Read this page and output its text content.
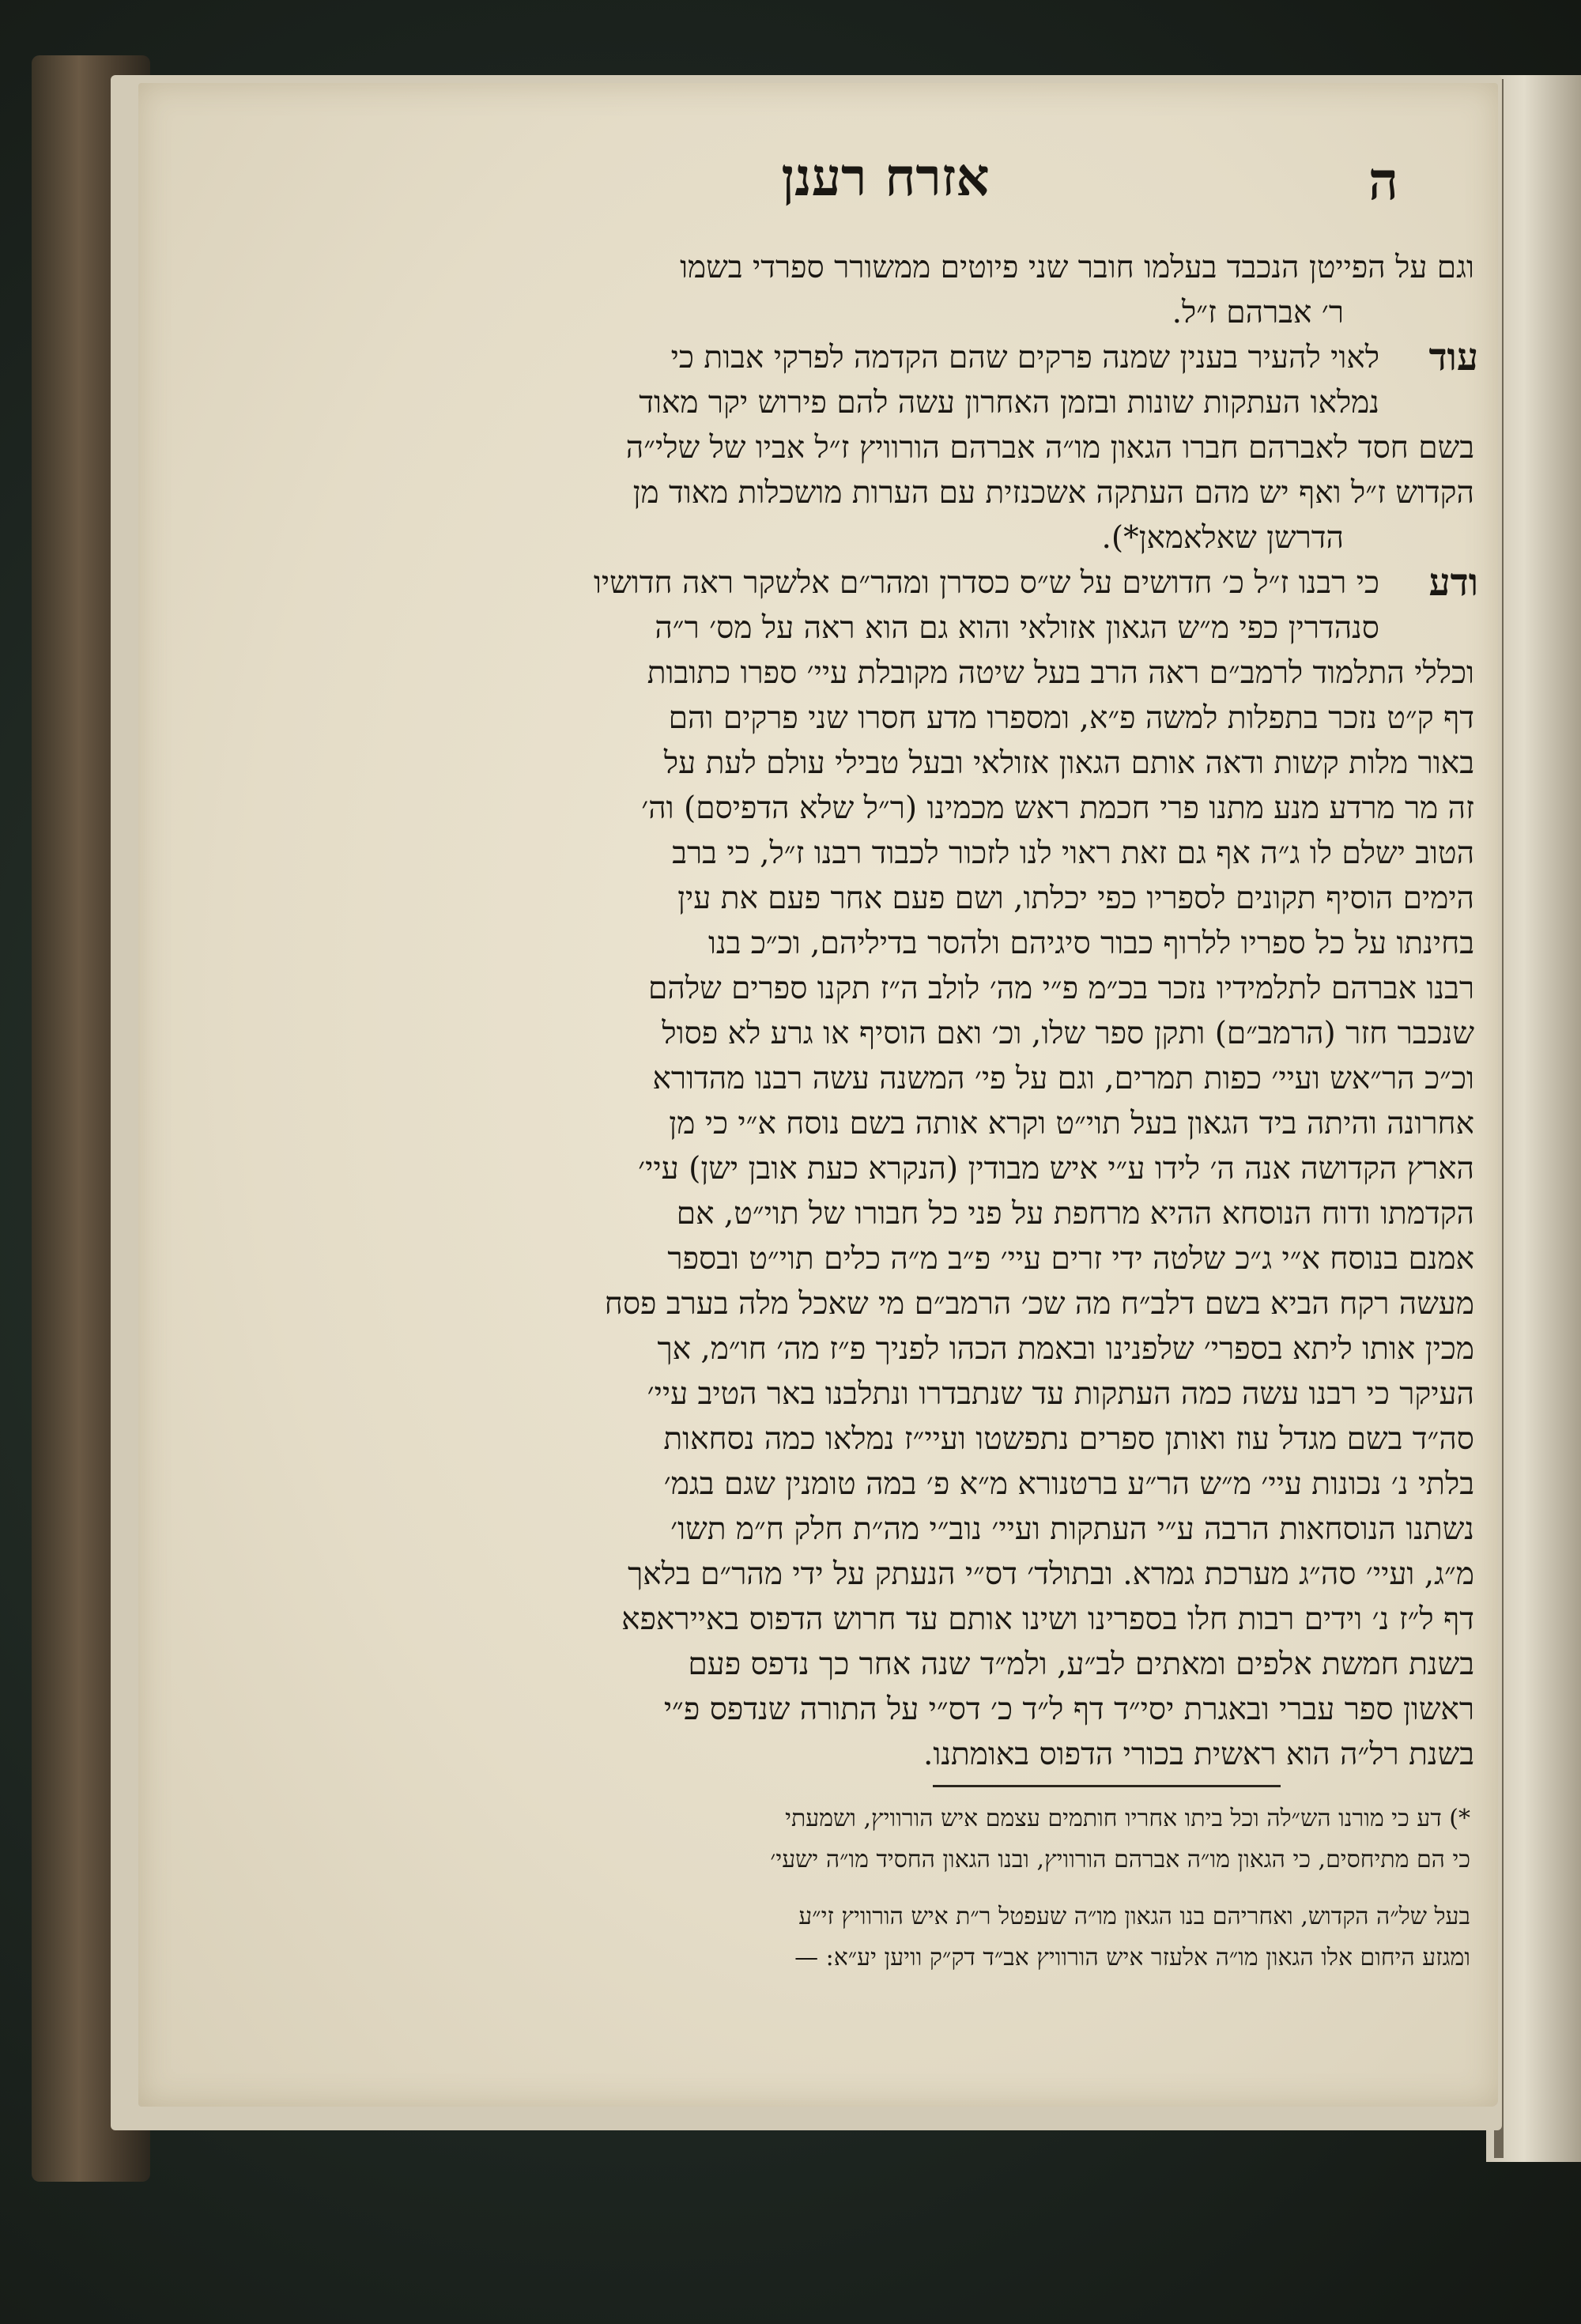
אזרח רענן	ה
וגם על הפייטן הנכבד בעלמו חובר שני פיוטים ממשורר ספרדי בשמו
ר׳ אברהם ז״ל.
עוד
לאוי להעיר בענין שמנה פרקים שהם הקדמה לפרקי אבות כי
נמלאו העתקות שונות ובזמן האחרון עשה להם פירוש יקר מאוד
בשם חסד לאברהם חברו הגאון מו״ה אברהם הורוויץ ז״ל אביו של שלי״ה
הקדוש ז״ל ואף יש מהם העתקה אשכנזית עם הערות מושכלות מאוד מן
הדרשן שאלאמאן*).
ודע
כי רבנו ז״ל כ׳ חדושים על ש״ס כסדרן ומהר״ם אלשקר ראה חדושיו
סנהדרין כפי מ״ש הגאון אזולאי והוא גם הוא ראה על מס׳ ר״ה
וכללי התלמוד לרמב״ם ראה הרב בעל שיטה מקובלת עיי׳ ספרו כתובות
דף ק״ט נזכר בתפלות למשה פ״א, ומספרו מדע חסרו שני פרקים והם
באור מלות קשות ודאה אותם הגאון אזולאי ובעל טבילי עולם לעת על
זה מר מרדע מנע מתנו פרי חכמת ראש מכמינו (ר״ל שלא הדפיסם) וה׳
הטוב ישלם לו ג״ה אף גם זאת ראוי לנו לזכור לכבוד רבנו ז״ל, כי ברב
הימים הוסיף תקונים לספריו כפי יכלתו, ושם פעם אחר פעם את עין
בחינתו על כל ספריו ללרוף כבור סיגיהם ולהסר בדיליהם, וכ״כ בנו
רבנו אברהם לתלמידיו נזכר בכ״מ פ״י מה׳ לולב ה״ז תקנו ספרים שלהם
שנכבר חזר (הרמב״ם) ותקן ספר שלו, וכ׳ ואם הוסיף או גרע לא פסול
וכ״כ הר״אש ועיי׳ כפות תמרים, וגם על פי׳ המשנה עשה רבנו מהדורא
אחרונה והיתה ביד הגאון בעל תוי״ט וקרא אותה בשם נוסח א״י כי מן
הארץ הקדושה אנה ה׳ לידו ע״י איש מבודין (הנקרא כעת אובן ישן) עיי׳
הקדמתו ודוח הנוסחא ההיא מרחפת על פני כל חבורו של תוי״ט, אם
אמנם בנוסח א״י ג״כ שלטה ידי זרים עיי׳ פ״ב מ״ה כלים תוי״ט ובספר
מעשה רקח הביא בשם דלב״ח מה שכ׳ הרמב״ם מי שאכל מלה בערב פסח
מכין אותו ליתא בספרי׳ שלפנינו ובאמת הכהו לפניך פ״ז מה׳ חו״מ, אך
העיקר כי רבנו עשה כמה העתקות עד שנתבדרו ונתלבנו באר הטיב עיי׳
סה״ד בשם מגדל עוז ואותן ספרים נתפשטו ועיי״ז נמלאו כמה נסחאות
בלתי נ׳ נכונות עיי׳ מ״ש הר״ע ברטנורא מ״א פ׳ במה טומנין שגם בגמ׳
נשתנו הנוסחאות הרבה ע״י העתקות ועיי׳ נוב״י מה״ת חלק ח״מ תשו׳
מ״ג, ועיי׳ סה״ג מערכת גמרא. ובתולד׳ דס״י הנעתק על ידי מהר״ם בלאך
דף ל״ז נ׳ וידים רבות חלו בספרינו ושינו אותם עד חרוש הדפוס באייראפא
בשנת חמשת אלפים ומאתים לב״ע, ולמ״ד שנה אחר כך נדפס פעם
ראשון ספר עברי ובאגרת יסי״ד דף ל״ד כ׳ דס״י על התורה שנדפס פ״י
בשנת רל״ה הוא ראשית בכורי הדפוס באומתנו.
*) דע כי מורנו הש״לה וכל ביתו אחריו חותמים עצמם איש הורוויץ, ושמעתי
כי הם מתיחסים, כי הגאון מו״ה אברהם הורוויץ, ובנו הגאון החסיד מו״ה ישעי׳
בעל של״ה הקדוש, ואחריהם בנו הגאון מו״ה שעפטל ר״ת איש הורוויץ זי״ע
ומגזע היחום אלו הגאון מו״ה אלעזר איש הורוויץ אב״ד דק״ק וויען יע״א: —
